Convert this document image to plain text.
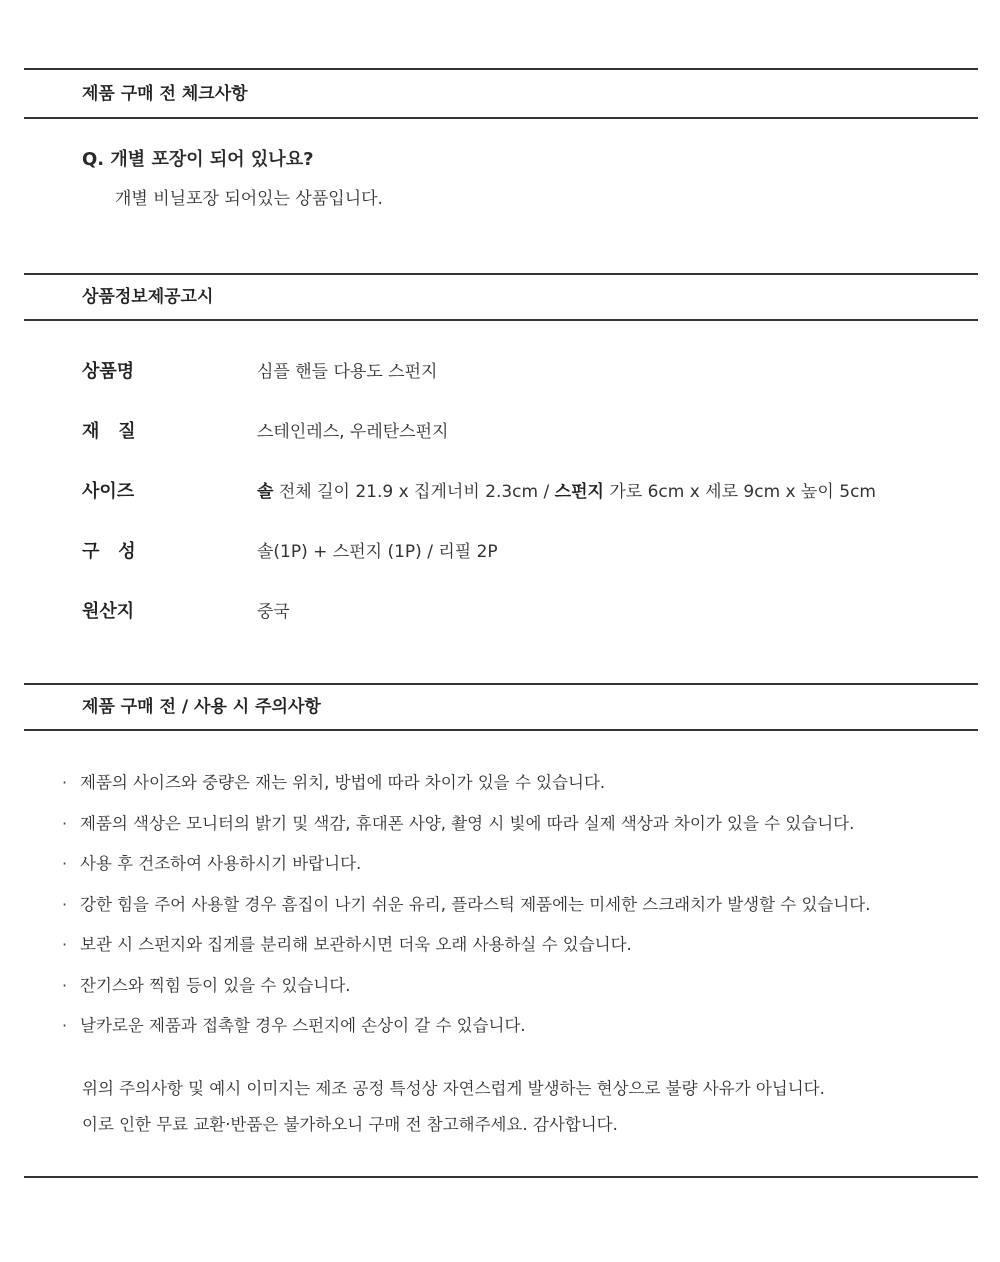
제품 구매 전 체크사항
Q. 개별 포장이 되어 있나요?
개별 비닐포장 되어있는 상품입니다.
상품정보제공고시
상품명	심플 핸들 다용도 스펀지
재   질	스테인레스, 우레탄스펀지
사이즈	솔 전체 길이 21.9 x 집게너비 2.3cm / 스펀지 가로 6cm x 세로 9cm x 높이 5cm
구   성	솔(1P) + 스펀지 (1P) / 리필 2P
원산지	중국
제품 구매 전 / 사용 시 주의사항
· 제품의 사이즈와 중량은 재는 위치, 방법에 따라 차이가 있을 수 있습니다.
· 제품의 색상은 모니터의 밝기 및 색감, 휴대폰 사양, 촬영 시 빛에 따라 실제 색상과 차이가 있을 수 있습니다.
· 사용 후 건조하여 사용하시기 바랍니다.
· 강한 힘을 주어 사용할 경우 흠집이 나기 쉬운 유리, 플라스틱 제품에는 미세한 스크래치가 발생할 수 있습니다.
· 보관 시 스펀지와 집게를 분리해 보관하시면 더욱 오래 사용하실 수 있습니다.
· 잔기스와 찍힘 등이 있을 수 있습니다.
· 날카로운 제품과 접촉할 경우 스펀지에 손상이 갈 수 있습니다.
위의 주의사항 및 예시 이미지는 제조 공정 특성상 자연스럽게 발생하는 현상으로 불량 사유가 아닙니다.
이로 인한 무료 교환·반품은 불가하오니 구매 전 참고해주세요. 감사합니다.
